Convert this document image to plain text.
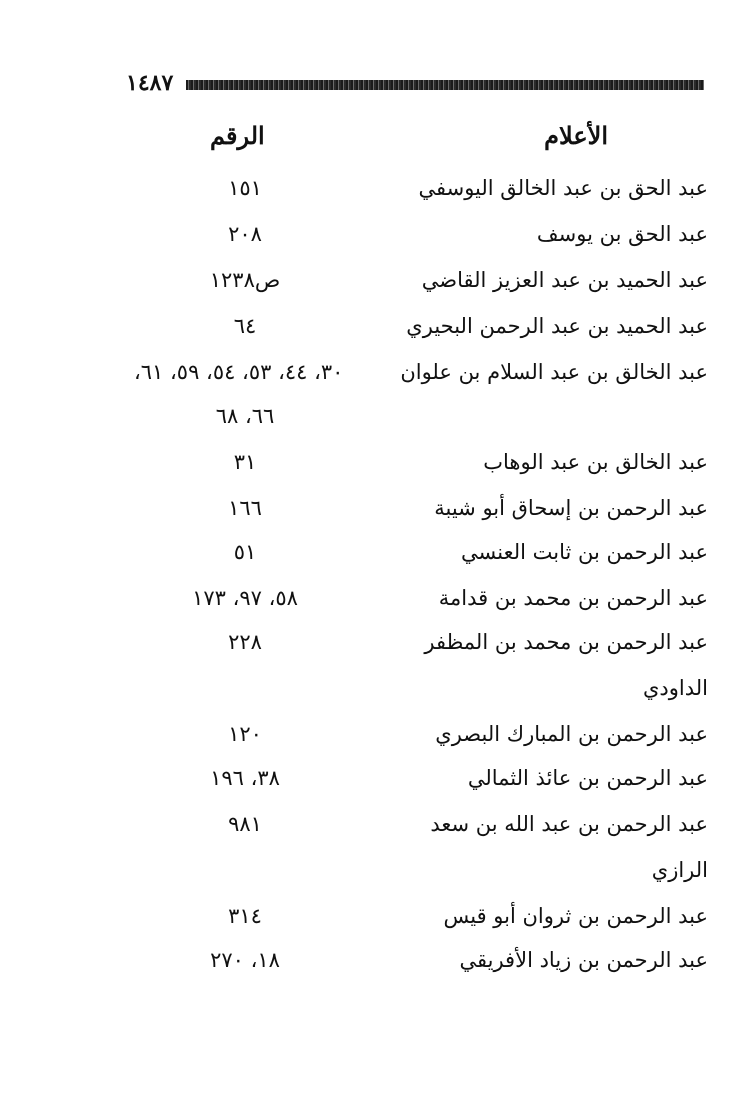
١٤٨٧
الأعلام
الرقم
عبد الحق بن عبد الخالق اليوسفي
١٥١
عبد الحق بن يوسف
٢٠٨
عبد الحميد بن عبد العزيز القاضي
ص١٢٣٨
عبد الحميد بن عبد الرحمن البحيري
٦٤
عبد الخالق بن عبد السلام بن علوان
٣٠، ٤٤، ٥٣، ٥٤، ٥٩، ٦١،
٦٦، ٦٨
عبد الخالق بن عبد الوهاب
٣١
عبد الرحمن بن إسحاق أبو شيبة
١٦٦
عبد الرحمن بن ثابت العنسي
٥١
عبد الرحمن بن محمد بن قدامة
٥٨، ٩٧، ١٧٣
عبد الرحمن بن محمد بن المظفر
٢٢٨
الداودي
عبد الرحمن بن المبارك البصري
١٢٠
عبد الرحمن بن عائذ الثمالي
٣٨، ١٩٦
عبد الرحمن بن عبد الله بن سعد
٩٨١
الرازي
عبد الرحمن بن ثروان أبو قيس
٣١٤
عبد الرحمن بن زياد الأفريقي
١٨، ٢٧٠
